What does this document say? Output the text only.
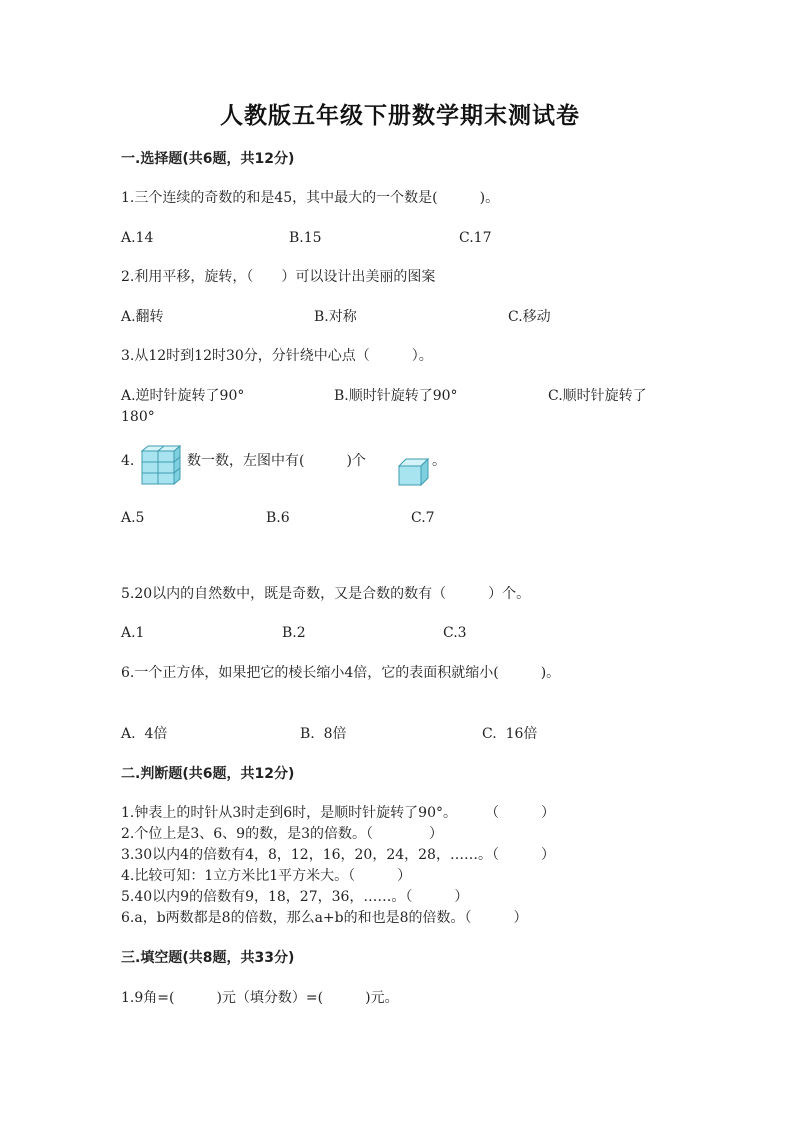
人教版五年级下册数学期末测试卷
一.选择题(共6题，共12分)
1.三个连续的奇数的和是45，其中最大的一个数是(　　　)。
A.14	B.15	C.17
2.利用平移，旋转，（　　）可以设计出美丽的图案
A.翻转	B.对称	C.移动
3.从12时到12时30分，分针绕中心点（　　　）。
A.逆时针旋转了90°	B.顺时针旋转了90°	C.顺时针旋转了
180°
4.	数一数，左图中有(　　　)个	。
A.5	B.6	C.7
5.20以内的自然数中，既是奇数，又是合数的数有（　　　）个。
A.1	B.2	C.3
6.一个正方体，如果把它的棱长缩小4倍，它的表面积就缩小(　　　)。
A.  4倍	B.  8倍	C.  16倍
二.判断题(共6题，共12分)
1.钟表上的时针从3时走到6时，是顺时针旋转了90°。　　　（　　　）
2.个位上是3、6、9的数，是3的倍数。（　　　　）
3.30以内4的倍数有4，8，12，16，20，24，28，……。（　　　）
4.比较可知：1立方米比1平方米大。（　　　）
5.40以内9的倍数有9，18，27，36，……。（　　　）
6.a，b两数都是8的倍数，那么a+b的和也是8的倍数。（　　　）
三.填空题(共8题，共33分)
1.9角=(　　　)元（填分数）=(　　　)元。
